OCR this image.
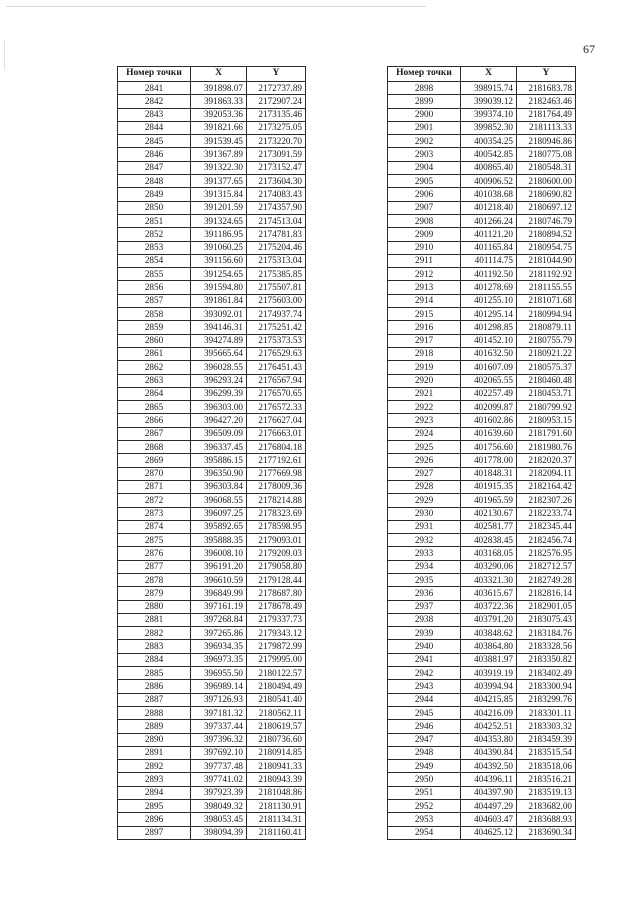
67
Номер точки	X	Y
2841	391898.07	2172737.89
2842	391863.33	2172907.24
2843	392053.36	2173135.46
2844	391821.66	2173275.05
2845	391539.45	2173220.70
2846	391367.89	2173091.59
2847	391322.30	2173152.47
2848	391377.65	2173604.30
2849	391315.84	2174083.43
2850	391201.59	2174357.90
2851	391324.65	2174513.04
2852	391186.95	2174781.83
2853	391060.25	2175204.46
2854	391156.60	2175313.04
2855	391254.65	2175385.85
2856	391594.80	2175507.81
2857	391861.84	2175603.00
2858	393092.01	2174937.74
2859	394146.31	2175251.42
2860	394274.89	2175373.53
2861	395665.64	2176529.63
2862	396028.55	2176451.43
2863	396293.24	2176567.94
2864	396299.39	2176570.65
2865	396303.00	2176572.33
2866	396427.20	2176627.04
2867	396509.09	2176663.01
2868	396337.45	2176804.18
2869	395886.15	2177192.61
2870	396350.90	2177669.98
2871	396303.84	2178009.36
2872	396068.55	2178214.88
2873	396097.25	2178323.69
2874	395892.65	2178598.95
2875	395888.35	2179093.01
2876	396008.10	2179209.03
2877	396191.20	2179058.80
2878	396610.59	2179128.44
2879	396849.99	2178687.80
2880	397161.19	2178678.49
2881	397268.84	2179337.73
2882	397265.86	2179343.12
2883	396934.35	2179872.99
2884	396973.35	2179995.00
2885	396955.50	2180122.57
2886	396989.14	2180494.49
2887	397126.93	2180541.40
2888	397181.32	2180562.11
2889	397337.44	2180619.57
2890	397396.32	2180736.60
2891	397692.10	2180914.85
2892	397737.48	2180941.33
2893	397741.02	2180943.39
2894	397923.39	2181048.86
2895	398049.32	2181130.91
2896	398053.45	2181134.31
2897	398094.39	2181160.41
Номер точки	X	Y
2898	398915.74	2181683.78
2899	399039.12	2182463.46
2900	399374.10	2181764.49
2901	399852.30	2181113.33
2902	400354.25	2180946.86
2903	400542.85	2180775.08
2904	400865.40	2180548.31
2905	400906.52	2180600.00
2906	401038.68	2180690.82
2907	401218.40	2180697.12
2908	401266.24	2180746.79
2909	401121.20	2180894.52
2910	401165.84	2180954.75
2911	401114.75	2181044.90
2912	401192.50	2181192.92
2913	401278.69	2181155.55
2914	401255.10	2181071.68
2915	401295.14	2180994.94
2916	401298.85	2180879.11
2917	401452.10	2180755.79
2918	401632.50	2180921.22
2919	401607.09	2180575.37
2920	402065.55	2180460.48
2921	402257.49	2180453.71
2922	402099.87	2180799.92
2923	401602.86	2180953.15
2924	401639.60	2181791.60
2925	401756.60	2181980.76
2926	401778.00	2182020.37
2927	401848.31	2182094.11
2928	401915.35	2182164.42
2929	401965.59	2182307.26
2930	402130.67	2182233.74
2931	402581.77	2182345.44
2932	402838.45	2182456.74
2933	403168.05	2182576.95
2934	403290.06	2182712.57
2935	403321.30	2182749.28
2936	403615.67	2182816.14
2937	403722.36	2182901.05
2938	403791.20	2183075.43
2939	403848.62	2183184.76
2940	403864.80	2183328.56
2941	403881.97	2183350.82
2942	403919.19	2183402.49
2943	403994.94	2183300.94
2944	404215.85	2183299.76
2945	404216.09	2183301.11
2946	404252.51	2183303.32
2947	404353.80	2183459.39
2948	404390.84	2183515.54
2949	404392.50	2183518.06
2950	404396.11	2183516.21
2951	404397.90	2183519.13
2952	404497.29	2183682.00
2953	404603.47	2183688.93
2954	404625.12	2183690.34
